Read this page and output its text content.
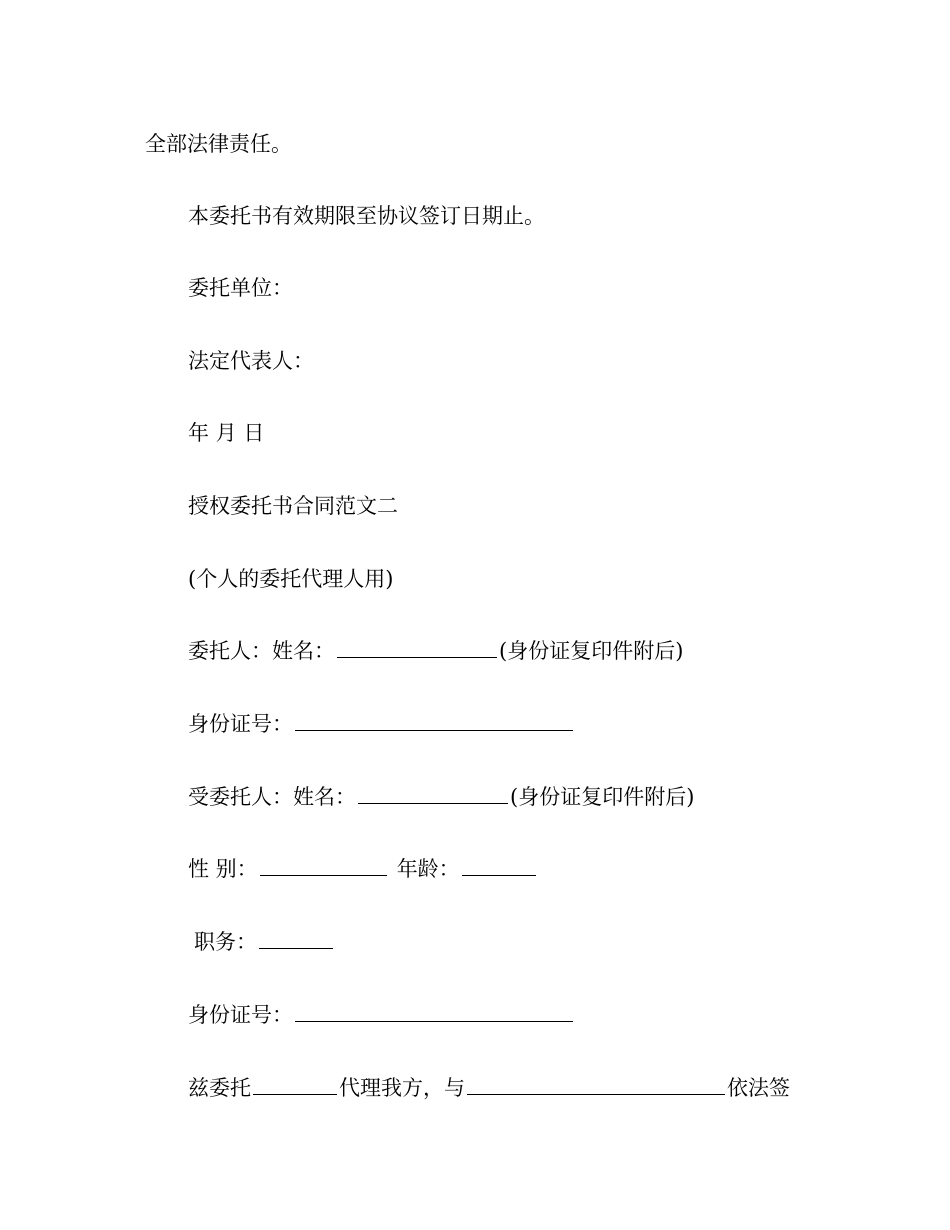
全部法律责任。
本委托书有效期限至协议签订日期止。
委托单位：
法定代表人：
年 月 日
授权委托书合同范文二
(个人的委托代理人用)
委托人：姓名：	(身份证复印件附后)
身份证号：
受委托人：姓名：	(身份证复印件附后)
性 别：	年龄：
职务：
身份证号：
兹委托	代理我方，与	依法签
